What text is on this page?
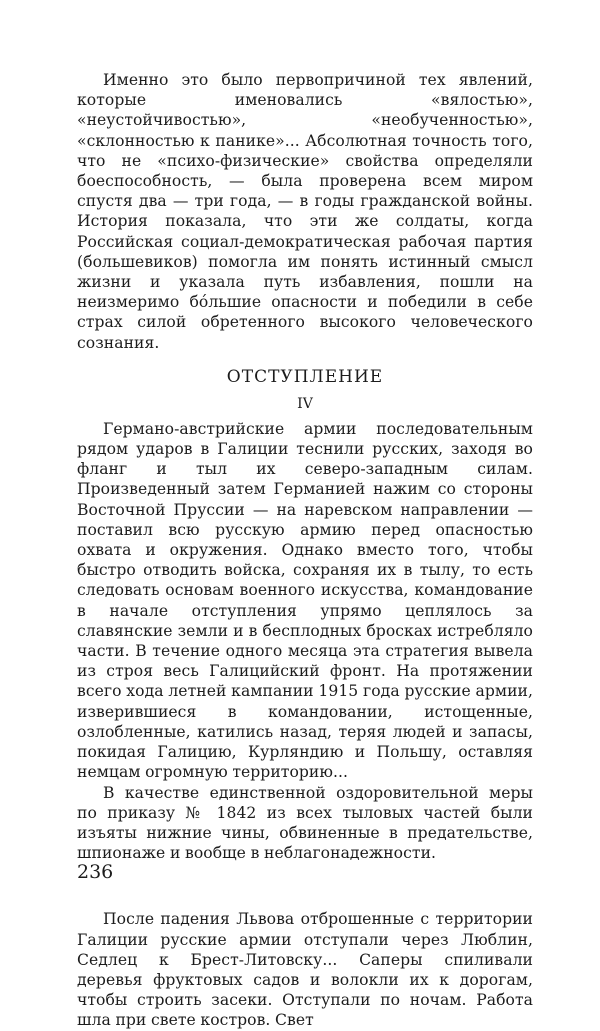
Именно это было первопричиной тех явлений, которые именовались «вялостью», «неустойчивостью», «необученностью», «склонностью к панике»... Абсолютная точность того, что не «психо-физические» свойства определяли боеспособность, — была проверена всем миром спустя два — три года, — в годы гражданской войны. История показала, что эти же солдаты, когда Российская социал-демократическая рабочая партия (большевиков) помогла им понять истинный смысл жизни и указала путь избавления, пошли на неизмеримо бо́льшие опасности и победили в себе страх силой обретенного высокого человеческого сознания.

ОТСТУПЛЕНИЕ
IV

Германо-австрийские армии последовательным рядом ударов в Галиции теснили русских, заходя во фланг и тыл их северо-западным силам. Произведенный затем Германией нажим со стороны Восточной Пруссии — на наревском направлении — поставил всю русскую армию перед опасностью охвата и окружения. Однако вместо того, чтобы быстро отводить войска, сохраняя их в тылу, то есть следовать основам военного искусства, командование в начале отступления упрямо цеплялось за славянские земли и в бесплодных бросках истребляло части. В течение одного месяца эта стратегия вывела из строя весь Галицийский фронт. На протяжении всего хода летней кампании 1915 года русские армии, изверившиеся в командовании, истощенные, озлобленные, катились назад, теряя людей и запасы, покидая Галицию, Курляндию и Польшу, оставляя немцам огромную территорию...

В качестве единственной оздоровительной меры по приказу № 1842 из всех тыловых частей были изъяты нижние чины, обвиненные в предательстве, шпионаже и вообще в неблагонадежности.

После падения Львова отброшенные с территории Галиции русские армии отступали через Люблин, Седлец к Брест-Литовску... Саперы спиливали деревья фруктовых садов и волокли их к дорогам, чтобы строить засеки. Отступали по ночам. Работа шла при свете костров. Свет

236
